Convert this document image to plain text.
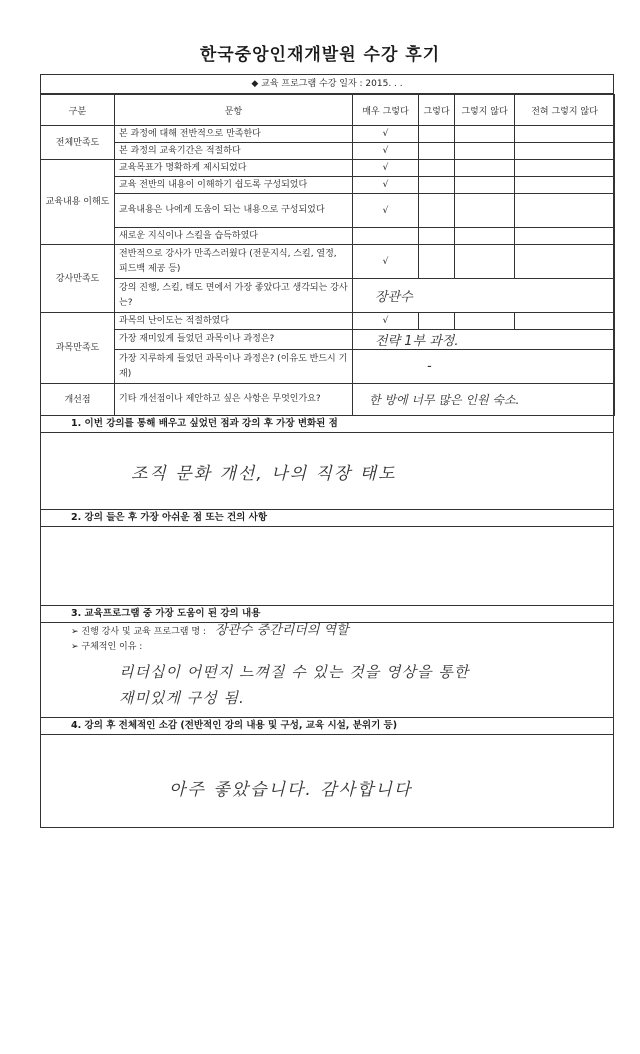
한국중앙인재개발원 수강 후기
◆ 교육 프로그램 수강 일자 : 2015. . .
구분	문항	매우 그렇다	그렇다	그렇지 않다	전혀 그렇지 않다
전체만족도	본 과정에 대해 전반적으로 만족한다	√			
	본 과정의 교육기간은 적절하다	√			
교육내용 이해도	교육목표가 명확하게 제시되었다	√			
	교육 전반의 내용이 이해하기 쉽도록 구성되었다	√			
	교육내용은 나에게 도움이 되는 내용으로 구성되었다	√			
	새로운 지식이나 스킬을 습득하였다				
강사만족도	전반적으로 강사가 만족스러웠다 (전문지식, 스킬, 열정, 피드백 제공 등)	√			
	강의 진행, 스킬, 태도 면에서 가장 좋았다고 생각되는 강사는?	장관수			
과목만족도	과목의 난이도는 적절하였다	√			
	가장 재미있게 들었던 과목이나 과정은?	전략 1부 과정.			
	가장 지루하게 들었던 과목이나 과정은? (이유도 반드시 기재)	-			
개선점	기타 개선점이나 제안하고 싶은 사항은 무엇인가요?	한 방에 너무 많은 인원 숙소.			
1. 이번 강의를 통해 배우고 싶었던 점과 강의 후 가장 변화된 점
조직 문화 개선, 나의 직장 태도
2. 강의 들은 후 가장 아쉬운 점 또는 건의 사항
3. 교육프로그램 중 가장 도움이 된 강의 내용
➢ 진행 강사 및 교육 프로그램 명 : 장관수 중간리더의 역할
➢ 구체적인 이유 :
리더십이 어떤지 느껴질 수 있는 것을 영상을 통한
재미있게 구성 됨.
4. 강의 후 전체적인 소감 (전반적인 강의 내용 및 구성, 교육 시설, 분위기 등)
아주 좋았습니다. 감사합니다
